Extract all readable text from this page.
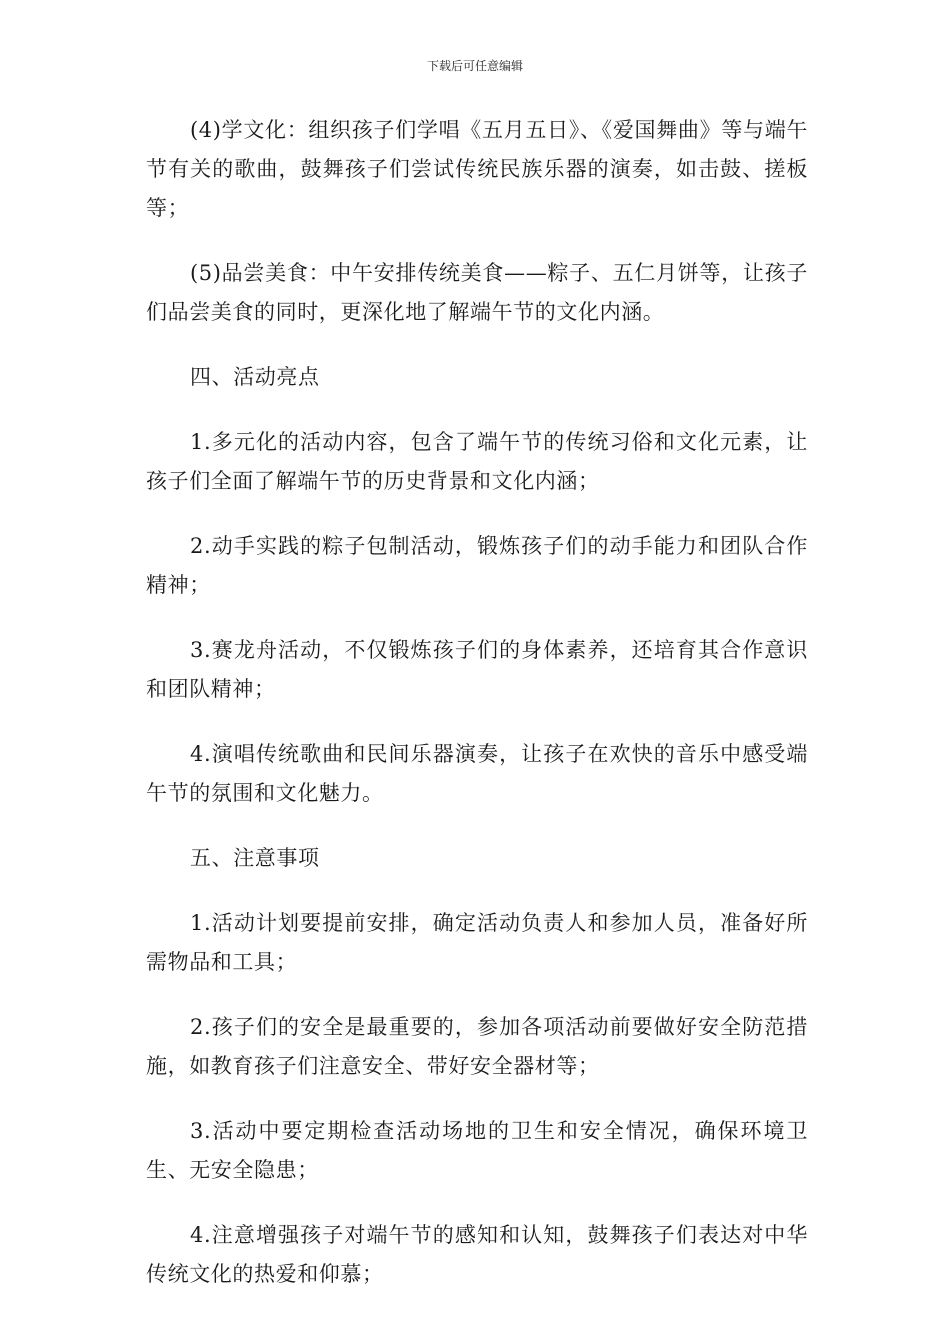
下载后可任意编辑

(4)学文化：组织孩子们学唱《五月五日》、《爱国舞曲》等与端午节有关的歌曲，鼓舞孩子们尝试传统民族乐器的演奏，如击鼓、搓板等；

(5)品尝美食：中午安排传统美食——粽子、五仁月饼等，让孩子们品尝美食的同时，更深化地了解端午节的文化内涵。

四、活动亮点

1.多元化的活动内容，包含了端午节的传统习俗和文化元素，让孩子们全面了解端午节的历史背景和文化内涵；

2.动手实践的粽子包制活动，锻炼孩子们的动手能力和团队合作精神；

3.赛龙舟活动，不仅锻炼孩子们的身体素养，还培育其合作意识和团队精神；

4.演唱传统歌曲和民间乐器演奏，让孩子在欢快的音乐中感受端午节的氛围和文化魅力。

五、注意事项

1.活动计划要提前安排，确定活动负责人和参加人员，准备好所需物品和工具；

2.孩子们的安全是最重要的，参加各项活动前要做好安全防范措施，如教育孩子们注意安全、带好安全器材等；

3.活动中要定期检查活动场地的卫生和安全情况，确保环境卫生、无安全隐患；

4.注意增强孩子对端午节的感知和认知，鼓舞孩子们表达对中华传统文化的热爱和仰慕；
